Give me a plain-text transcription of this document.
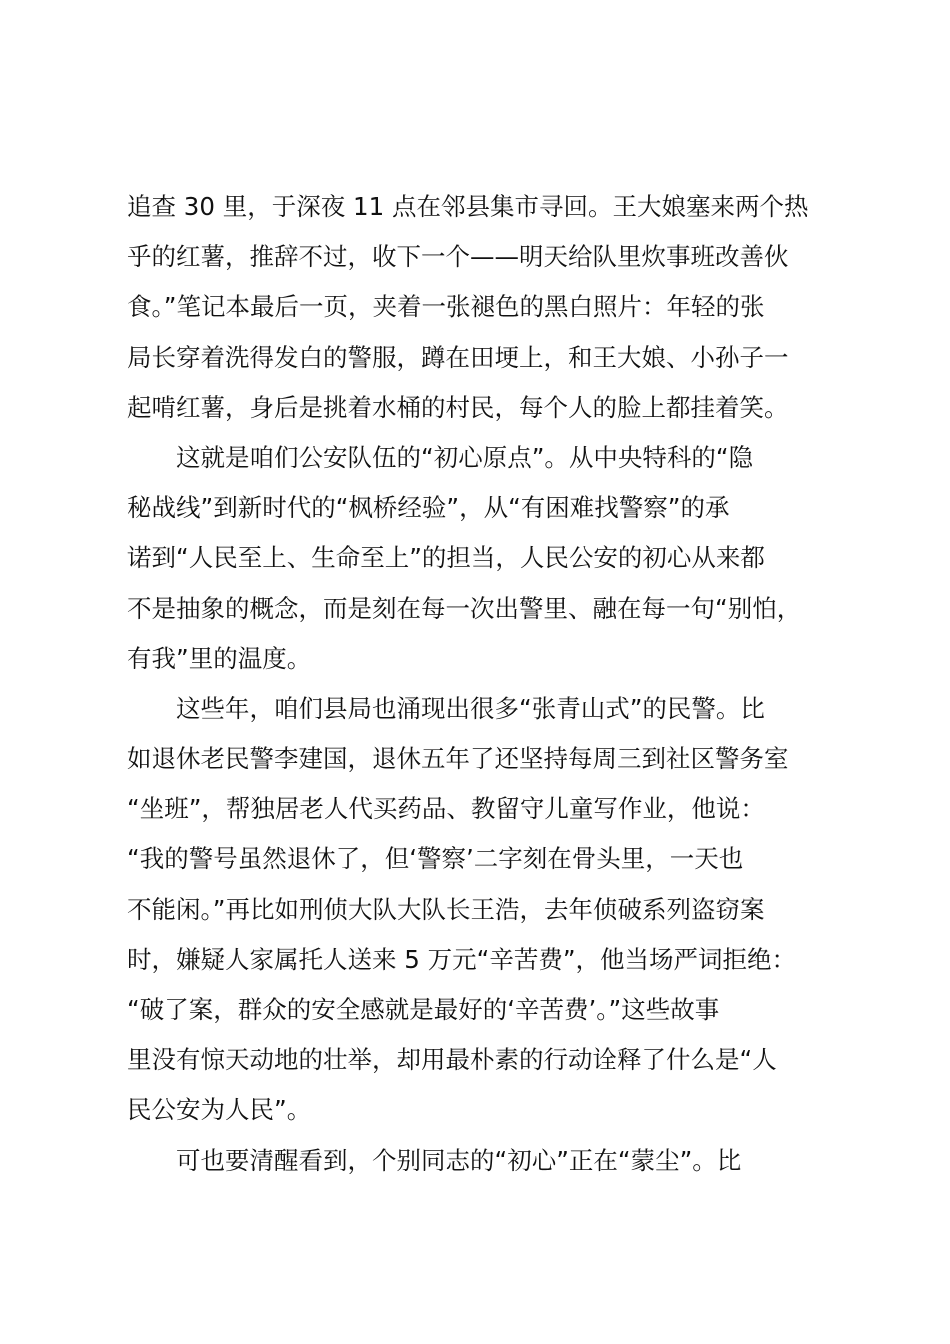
追查 30 里，于深夜 11 点在邻县集市寻回。王大娘塞来两个热
乎的红薯，推辞不过，收下一个——明天给队里炊事班改善伙
食。”笔记本最后一页，夹着一张褪色的黑白照片：年轻的张
局长穿着洗得发白的警服，蹲在田埂上，和王大娘、小孙子一
起啃红薯，身后是挑着水桶的村民，每个人的脸上都挂着笑。
　　这就是咱们公安队伍的“初心原点”。从中央特科的“隐
秘战线”到新时代的“枫桥经验”，从“有困难找警察”的承
诺到“人民至上、生命至上”的担当，人民公安的初心从来都
不是抽象的概念，而是刻在每一次出警里、融在每一句“别怕，
有我”里的温度。
　　这些年，咱们县局也涌现出很多“张青山式”的民警。比
如退休老民警李建国，退休五年了还坚持每周三到社区警务室
“坐班”，帮独居老人代买药品、教留守儿童写作业，他说：
“我的警号虽然退休了，但‘警察’二字刻在骨头里，一天也
不能闲。”再比如刑侦大队大队长王浩，去年侦破系列盗窃案
时，嫌疑人家属托人送来 5 万元“辛苦费”，他当场严词拒绝：
“破了案，群众的安全感就是最好的‘辛苦费’。”这些故事
里没有惊天动地的壮举，却用最朴素的行动诠释了什么是“人
民公安为人民”。
　　可也要清醒看到，个别同志的“初心”正在“蒙尘”。比
